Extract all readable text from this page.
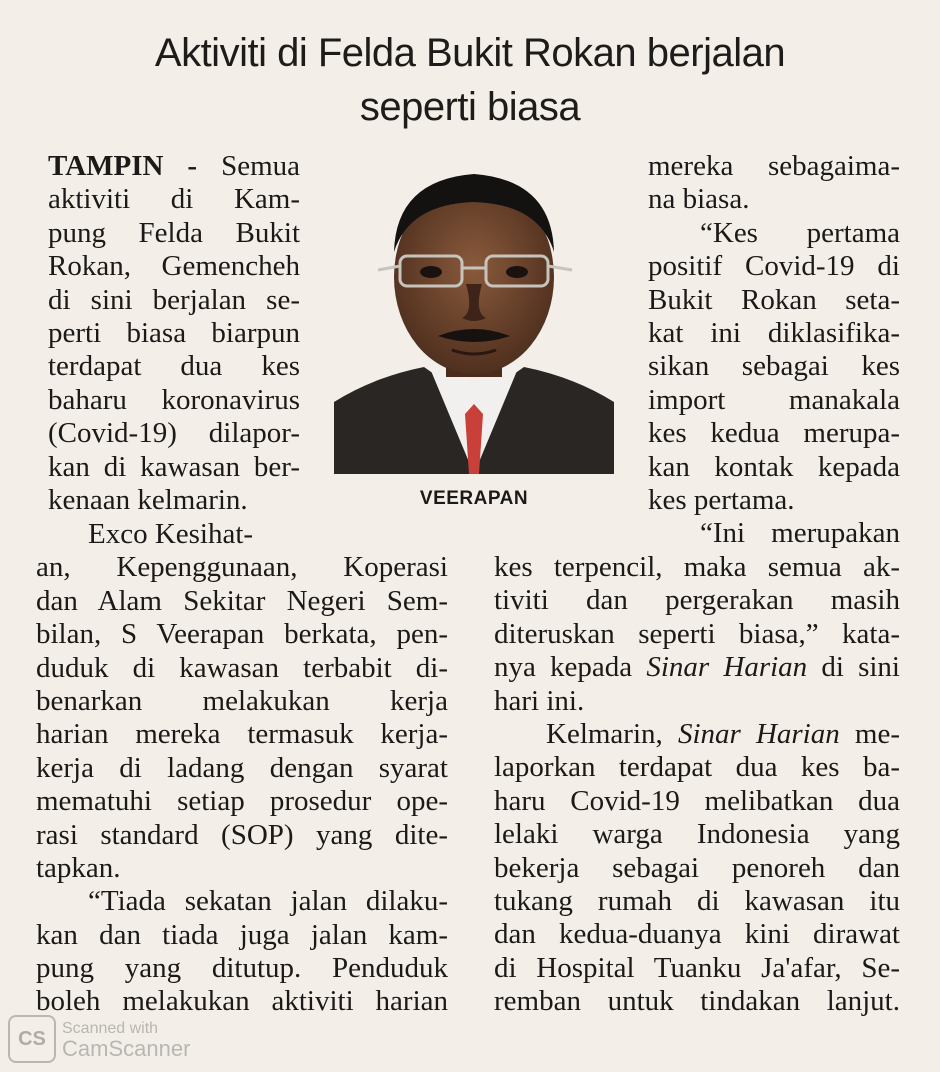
Aktiviti di Felda Bukit Rokan berjalan
seperti biasa
TAMPIN - Semua
aktiviti di Kam-
pung Felda Bukit
Rokan, Gemencheh
di sini berjalan se-
perti biasa biarpun
terdapat dua kes
baharu koronavirus
(Covid-19) dilapor-
kan di kawasan ber-
kenaan kelmarin.
Exco Kesihat-
an, Kepenggunaan, Koperasi
dan Alam Sekitar Negeri Sem-
bilan, S Veerapan berkata, pen-
duduk di kawasan terbabit di-
benarkan melakukan kerja
harian mereka termasuk kerja-
kerja di ladang dengan syarat
mematuhi setiap prosedur ope-
rasi standard (SOP) yang dite-
tapkan.
“Tiada sekatan jalan dilaku-
kan dan tiada juga jalan kam-
pung yang ditutup. Penduduk
boleh melakukan aktiviti harian
VEERAPAN
mereka sebagaima-
na biasa.
“Kes pertama
positif Covid-19 di
Bukit Rokan seta-
kat ini diklasifika-
sikan sebagai kes
import manakala
kes kedua merupa-
kan kontak kepada
kes pertama.
“Ini merupakan
kes terpencil, maka semua ak-
tiviti dan pergerakan masih
diteruskan seperti biasa,” kata-
nya kepada Sinar Harian di sini
hari ini.
Kelmarin, Sinar Harian me-
laporkan terdapat dua kes ba-
haru Covid-19 melibatkan dua
lelaki warga Indonesia yang
bekerja sebagai penoreh dan
tukang rumah di kawasan itu
dan kedua-duanya kini dirawat
di Hospital Tuanku Ja'afar, Se-
remban untuk tindakan lanjut.
CS	Scanned with
CamScanner
